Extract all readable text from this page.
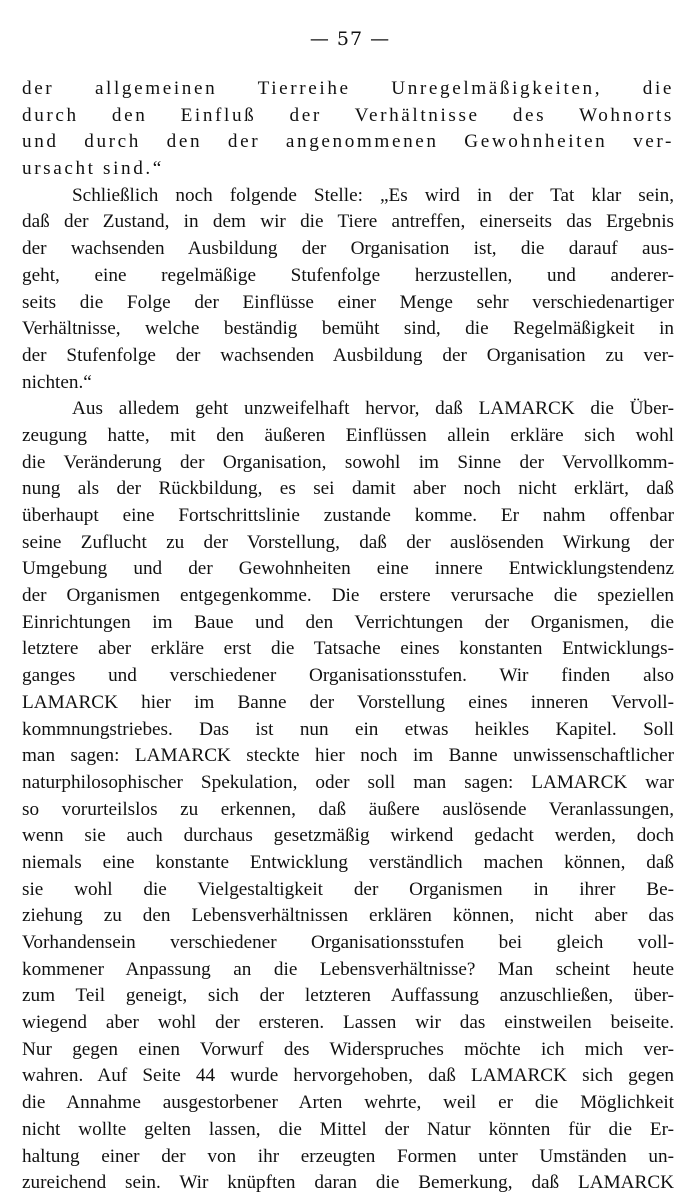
— 57 —
der allgemeinen Tierreihe Unregelmäßigkeiten, die
durch den Einfluß der Verhältnisse des Wohnorts
und durch den der angenommenen Gewohnheiten ver-
ursacht sind.“
Schließlich noch folgende Stelle: „Es wird in der Tat klar sein,
daß der Zustand, in dem wir die Tiere antreffen, einerseits das Ergebnis
der wachsenden Ausbildung der Organisation ist, die darauf aus-
geht, eine regelmäßige Stufenfolge herzustellen, und anderer-
seits die Folge der Einflüsse einer Menge sehr verschiedenartiger
Verhältnisse, welche beständig bemüht sind, die Regelmäßigkeit in
der Stufenfolge der wachsenden Ausbildung der Organisation zu ver-
nichten.“
Aus alledem geht unzweifelhaft hervor, daß LAMARCK die Über-
zeugung hatte, mit den äußeren Einflüssen allein erkläre sich wohl
die Veränderung der Organisation, sowohl im Sinne der Vervollkomm-
nung als der Rückbildung, es sei damit aber noch nicht erklärt, daß
überhaupt eine Fortschrittslinie zustande komme. Er nahm offenbar
seine Zuflucht zu der Vorstellung, daß der auslösenden Wirkung der
Umgebung und der Gewohnheiten eine innere Entwicklungstendenz
der Organismen entgegenkomme. Die erstere verursache die speziellen
Einrichtungen im Baue und den Verrichtungen der Organismen, die
letztere aber erkläre erst die Tatsache eines konstanten Entwicklungs-
ganges und verschiedener Organisationsstufen. Wir finden also
LAMARCK hier im Banne der Vorstellung eines inneren Vervoll-
kommnungstriebes. Das ist nun ein etwas heikles Kapitel. Soll
man sagen: LAMARCK steckte hier noch im Banne unwissenschaftlicher
naturphilosophischer Spekulation, oder soll man sagen: LAMARCK war
so vorurteilslos zu erkennen, daß äußere auslösende Veranlassungen,
wenn sie auch durchaus gesetzmäßig wirkend gedacht werden, doch
niemals eine konstante Entwicklung verständlich machen können, daß
sie wohl die Vielgestaltigkeit der Organismen in ihrer Be-
ziehung zu den Lebensverhältnissen erklären können, nicht aber das
Vorhandensein verschiedener Organisationsstufen bei gleich voll-
kommener Anpassung an die Lebensverhältnisse? Man scheint heute
zum Teil geneigt, sich der letzteren Auffassung anzuschließen, über-
wiegend aber wohl der ersteren. Lassen wir das einstweilen beiseite.
Nur gegen einen Vorwurf des Widerspruches möchte ich mich ver-
wahren. Auf Seite 44 wurde hervorgehoben, daß LAMARCK sich gegen
die Annahme ausgestorbener Arten wehrte, weil er die Möglichkeit
nicht wollte gelten lassen, die Mittel der Natur könnten für die Er-
haltung einer der von ihr erzeugten Formen unter Umständen un-
zureichend sein. Wir knüpften daran die Bemerkung, daß LAMARCK
